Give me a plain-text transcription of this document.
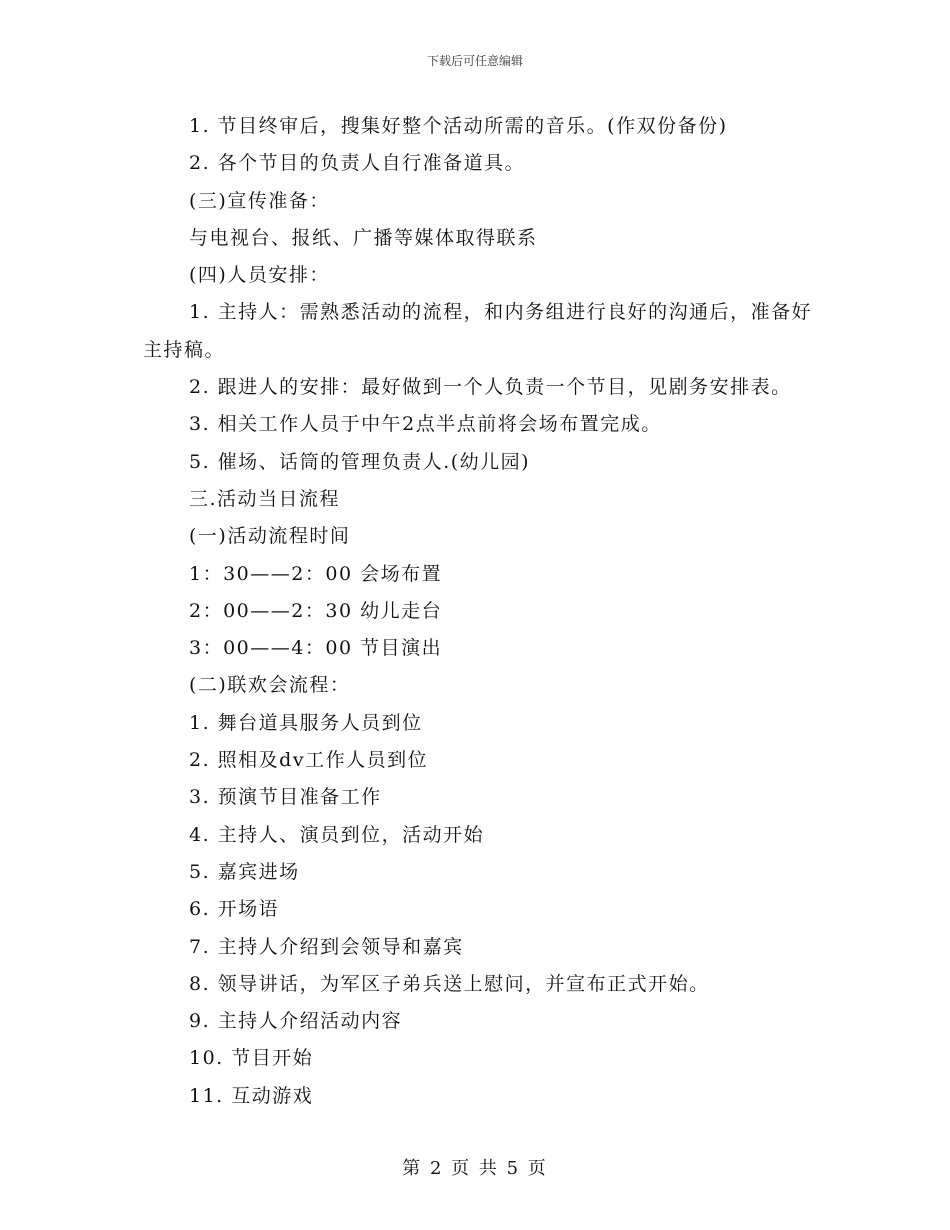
下载后可任意编辑
1. 节目终审后，搜集好整个活动所需的音乐。(作双份备份)
2. 各个节目的负责人自行准备道具。
(三)宣传准备：
与电视台、报纸、广播等媒体取得联系
(四)人员安排：
1. 主持人：需熟悉活动的流程，和内务组进行良好的沟通后，准备好主持稿。
2. 跟进人的安排：最好做到一个人负责一个节目，见剧务安排表。
3. 相关工作人员于中午2点半点前将会场布置完成。
5. 催场、话筒的管理负责人.(幼儿园)
三.活动当日流程
(一)活动流程时间
1：30——2：00 会场布置
2：00——2：30 幼儿走台
3：00——4：00 节目演出
(二)联欢会流程：
1. 舞台道具服务人员到位
2. 照相及dv工作人员到位
3. 预演节目准备工作
4. 主持人、演员到位，活动开始
5. 嘉宾进场
6. 开场语
7. 主持人介绍到会领导和嘉宾
8. 领导讲话，为军区子弟兵送上慰问，并宣布正式开始。
9. 主持人介绍活动内容
10. 节目开始
11. 互动游戏
第 2 页 共 5 页
